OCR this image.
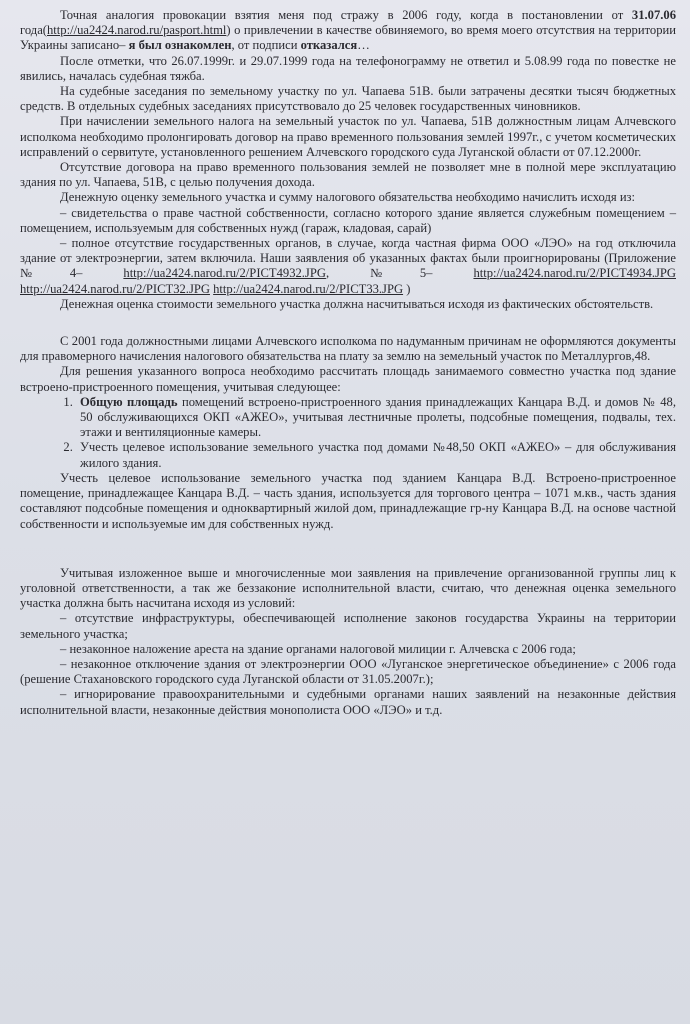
Точная аналогия провокации взятия меня под стражу в 2006 году, когда в постановлении от 31.07.06 года(http://ua2424.narod.ru/pasport.html) о привлечении в качестве обвиняемого, во время моего отсутствия на территории Украины записано– я был ознакомлен, от подписи отказался…

После отметки, что 26.07.1999г. и 29.07.1999 года на телефонограмму не ответил и 5.08.99 года по повестке не явились, началась судебная тяжба.

На судебные заседания по земельному участку по ул. Чапаева 51В. были затрачены десятки тысяч бюджетных средств. В отдельных судебных заседаниях присутствовало до 25 человек государственных чиновников.

При начислении земельного налога на земельный участок по ул. Чапаева, 51В должностным лицам Алчевского исполкома необходимо пролонгировать договор на право временного пользования землей 1997г., с учетом косметических исправлений о сервитуте, установленного решением Алчевского городского суда Луганской области от 07.12.2000г.

Отсутствие договора на право временного пользования землей не позволяет мне в полной мере эксплуатацию здания по ул. Чапаева, 51В, с целью получения дохода.

Денежную оценку земельного участка и сумму налогового обязательства необходимо начислить исходя из:

– свидетельства о праве частной собственности, согласно которого здание является служебным помещением – помещением, используемым для собственных нужд (гараж, кладовая, сарай)

– полное отсутствие государственных органов, в случае, когда частная фирма ООО «ЛЭО» на год отключила здание от электроэнергии, затем включила. Наши заявления об указанных фактах были проигнорированы (Приложение №4–	http://ua2424.narod.ru/2/PICT4932.JPG,	№5–	http://ua2424.narod.ru/2/PICT4934.JPG http://ua2424.narod.ru/2/PICT32.JPG http://ua2424.narod.ru/2/PICT33.JPG )

Денежная оценка стоимости земельного участка должна насчитываться исходя из фактических обстоятельств.

С 2001 года должностными лицами Алчевского исполкома по надуманным причинам не оформляются документы для правомерного начисления налогового обязательства на плату за землю на земельный участок по Металлургов,48.

Для решения указанного вопроса необходимо рассчитать площадь занимаемого совместно участка под здание встроено-пристроенного помещения, учитывая следующее:

1. Общую площадь помещений встроено-пристроенного здания принадлежащих Канцара В.Д. и домов № 48, 50 обслуживающихся ОКП «АЖЕО», учитывая лестничные пролеты, подсобные помещения, подвалы, тех. этажи и вентиляционные камеры.
2. Учесть целевое использование земельного участка под домами №48,50 ОКП «АЖЕО» – для обслуживания жилого здания.

Учесть целевое использование земельного участка под зданием Канцара В.Д. Встроено-пристроенное помещение, принадлежащее Канцара В.Д. – часть здания, используется для торгового центра – 1071 м.кв., часть здания составляют подсобные помещения и одноквартирный жилой дом, принадлежащие гр-ну Канцара В.Д. на основе частной собственности и используемые им для собственных нужд.

Учитывая изложенное выше и многочисленные мои заявления на привлечение организованной группы лиц к уголовной ответственности, а так же беззаконие исполнительной власти, считаю, что денежная оценка земельного участка должна быть насчитана исходя из условий:

– отсутствие инфраструктуры, обеспечивающей исполнение законов государства Украины на территории земельного участка;

– незаконное наложение ареста на здание органами налоговой милиции г. Алчевска с 2006 года;

– незаконное отключение здания от электроэнергии ООО «Луганское энергетическое объединение» с 2006 года (решение Стахановского городского суда Луганской области от 31.05.2007г.);

– игнорирование правоохранительными и судебными органами наших заявлений на незаконные действия исполнительной власти, незаконные действия монополиста ООО «ЛЭО» и т.д.
